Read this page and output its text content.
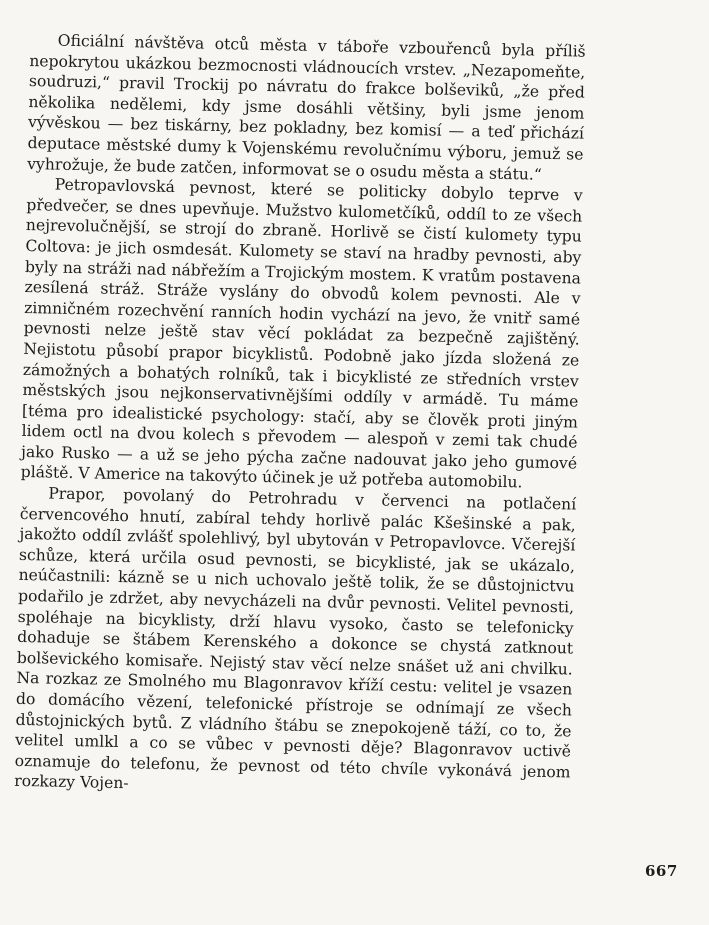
Oficiální návštěva otců města v táboře vzbouřenců byla příliš nepokrytou ukázkou bezmocnosti vládnoucích vrstev. „Nezapomeňte, soudruzi,“ pravil Trockij po návratu do frakce bolševiků, „že před několika nedělemi, kdy jsme dosáhli většiny, byli jsme jenom vývěskou — bez tiskárny, bez pokladny, bez komisí — a teď přichází deputace městské dumy k Vojenskému revolučnímu výboru, jemuž se vyhrožuje, že bude zatčen, informovat se o osudu města a státu.“

Petropavlovská pevnost, které se politicky dobylo teprve v předvečer, se dnes upevňuje. Mužstvo kulometčíků, oddíl to ze všech nejrevolučnější, se strojí do zbraně. Horlivě se čistí kulomety typu Coltova: je jich osmdesát. Kulomety se staví na hradby pevnosti, aby byly na stráži nad nábřežím a Trojickým mostem. K vratům postavena zesílená stráž. Stráže vyslány do obvodů kolem pevnosti. Ale v zimničném rozechvění ranních hodin vychází na jevo, že vnitř samé pevnosti nelze ještě stav věcí pokládat za bezpečně zajištěný. Nejistotu působí prapor bicyklistů. Podobně jako jízda složená ze zámožných a bohatých rolníků, tak i bicyklisté ze středních vrstev městských jsou nejkonservativnějšími oddíly v armádě. Tu máme [téma pro idealistické psychology: stačí, aby se člověk proti jiným lidem octl na dvou kolech s převodem — alespoň v zemi tak chudé jako Rusko — a už se jeho pýcha začne nadouvat jako jeho gumové pláště. V Americe na takovýto účinek je už potřeba automobilu.

Prapor, povolaný do Petrohradu v červenci na potlačení červencového hnutí, zabíral tehdy horlivě palác Kšešinské a pak, jakožto oddíl zvlášť spolehlivý, byl ubytován v Petropavlovce. Včerejší schůze, která určila osud pevnosti, se bicyklisté, jak se ukázalo, neúčastnili: kázně se u nich uchovalo ještě tolik, že se důstojnictvu podařilo je zdržet, aby nevycházeli na dvůr pevnosti. Velitel pevnosti, spoléhaje na bicyklisty, drží hlavu vysoko, často se telefonicky dohaduje se štábem Kerenského a dokonce se chystá zatknout bolševického komisaře. Nejistý stav věcí nelze snášet už ani chvilku. Na rozkaz ze Smolného mu Blagonravov kříží cestu: velitel je vsazen do domácího vězení, telefonické přístroje se odnímají ze všech důstojnických bytů. Z vládního štábu se znepokojeně táží, co to, že velitel umlkl a co se vůbec v pevnosti děje? Blagonravov uctivě oznamuje do telefonu, že pevnost od této chvíle vykonává jenom rozkazy Vojen-

667
